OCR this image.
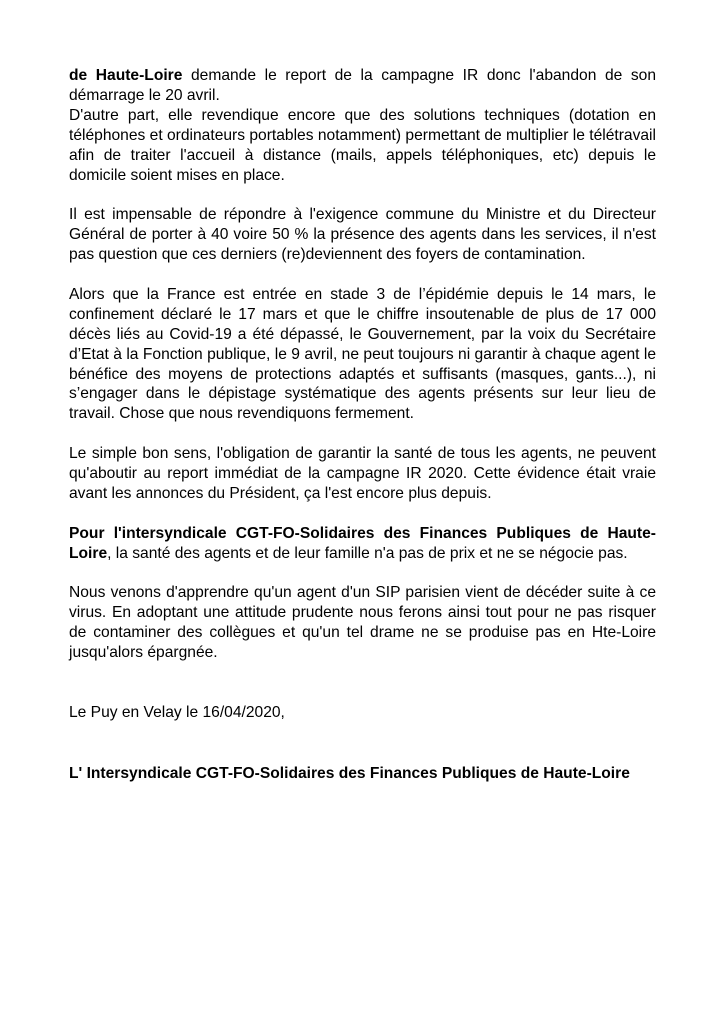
de Haute-Loire demande le report de la campagne IR donc l'abandon de son démarrage le 20 avril.
D'autre part, elle revendique encore que des solutions techniques (dotation en téléphones et ordinateurs portables notamment) permettant de multiplier le télétravail afin de traiter l'accueil à distance (mails, appels téléphoniques, etc) depuis le domicile soient mises en place.

Il est impensable de répondre à l'exigence commune du Ministre et du Directeur Général de porter à 40 voire 50 % la présence des agents dans les services, il n'est pas question que ces derniers (re)deviennent des foyers de contamination.

Alors que la France est entrée en stade 3 de l’épidémie depuis le 14 mars, le confinement déclaré le 17 mars et que le chiffre insoutenable de plus de 17 000 décès liés au Covid-19 a été dépassé, le Gouvernement, par la voix du Secrétaire d’Etat à la Fonction publique, le 9 avril, ne peut toujours ni garantir à chaque agent le bénéfice des moyens de protections adaptés et suffisants (masques, gants...), ni s’engager dans le dépistage systématique des agents présents sur leur lieu de travail. Chose que nous revendiquons fermement.

Le simple bon sens, l'obligation de garantir la santé de tous les agents, ne peuvent qu'aboutir au report immédiat de la campagne IR 2020. Cette évidence était vraie avant les annonces du Président, ça l'est encore plus depuis.

Pour l'intersyndicale CGT-FO-Solidaires des Finances Publiques de Haute-Loire, la santé des agents et de leur famille n'a pas de prix et ne se négocie pas.

Nous venons d'apprendre qu'un agent d'un SIP parisien vient de décéder suite à ce virus. En adoptant une attitude prudente nous ferons ainsi tout pour ne pas risquer de contaminer des collègues et qu'un tel drame ne se produise pas en Hte-Loire jusqu'alors épargnée.

Le Puy en Velay le 16/04/2020,

L' Intersyndicale CGT-FO-Solidaires des Finances Publiques de Haute-Loire
